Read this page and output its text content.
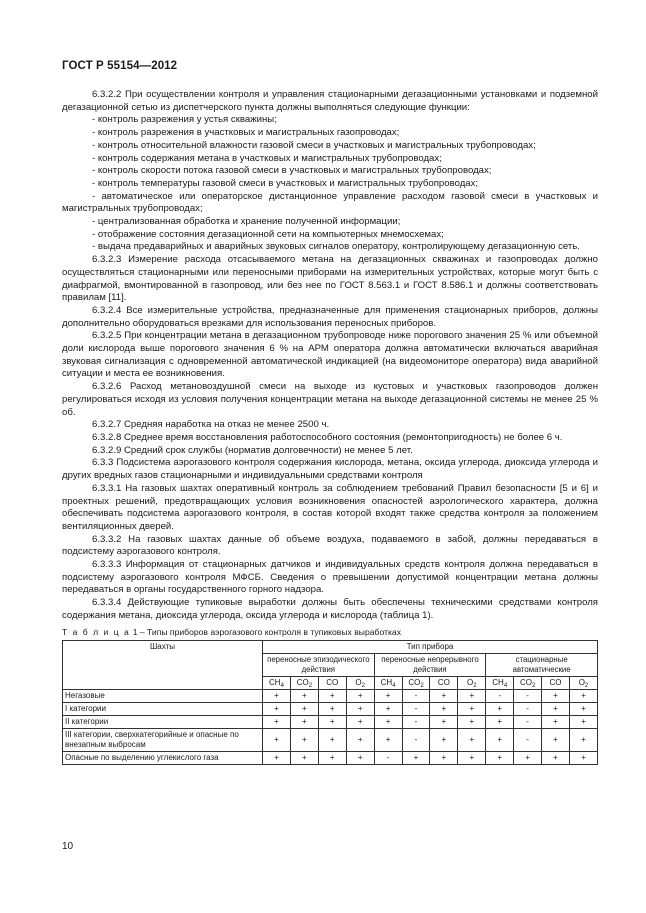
ГОСТ Р 55154—2012

6.3.2.2 При осуществлении контроля и управления стационарными дегазационными установками и подземной дегазационной сетью из диспетчерского пункта должны выполняться следующие функции:

- контроль разрежения у устья скважины;

- контроль разрежения в участковых и магистральных газопроводах;

- контроль относительной влажности газовой смеси в участковых и магистральных трубопроводах;

- контроль содержания метана в участковых и магистральных трубопроводах;

- контроль скорости потока газовой смеси в участковых и магистральных трубопроводах;

- контроль температуры газовой смеси в участковых и магистральных трубопроводах;

- автоматическое или операторское дистанционное управление расходом газовой смеси в участковых и магистральных трубопроводах;

- централизованная обработка и хранение полученной информации;

- отображение состояния дегазационной сети на компьютерных мнемосхемах;

- выдача предаварийных и аварийных звуковых сигналов оператору, контролирующему дегазационную сеть.

6.3.2.3 Измерение расхода отсасываемого метана на дегазационных скважинах и газопроводах должно осуществляться стационарными или переносными приборами на измерительных устройствах, которые могут быть с диафрагмой, вмонтированной в газопровод, или без нее по ГОСТ 8.563.1 и ГОСТ 8.586.1 и должны соответствовать правилам [11].

6.3.2.4 Все измерительные устройства, предназначенные для применения стационарных приборов, должны дополнительно оборудоваться врезками для использования переносных приборов.

6.3.2.5 При концентрации метана в дегазационном трубопроводе ниже порогового значения 25 % или объемной доли кислорода выше порогового значения 6 % на АРМ оператора должна автоматически включаться аварийная звуковая сигнализация с одновременной автоматической индикацией (на видеомониторе оператора) вида аварийной ситуации и места ее возникновения.

6.3.2.6 Расход метановоздушной смеси на выходе из кустовых и участковых газопроводов должен регулироваться исходя из условия получения концентрации метана на выходе дегазационной системы не менее 25 % об.

6.3.2.7 Средняя наработка на отказ не менее 2500 ч.

6.3.2.8 Среднее время восстановления работоспособного состояния (ремонтопригодность) не более 6 ч.

6.3.2.9 Средний срок службы (норматив долговечности) не менее 5 лет.

6.3.3 Подсистема аэрогазового контроля содержания кислорода, метана, оксида углерода, диоксида углерода и других вредных газов стационарными и индивидуальными средствами контроля

6.3.3.1 На газовых шахтах оперативный контроль за соблюдением требований Правил безопасности [5 и 6] и проектных решений, предотвращающих условия возникновения опасностей аэрологического характера, должна обеспечивать подсистема аэрогазового контроля, в состав которой входят также средства контроля за положением вентиляционных дверей.

6.3.3.2 На газовых шахтах данные об объеме воздуха, подаваемого в забой, должны передаваться в подсистему аэрогазового контроля.

6.3.3.3 Информация от стационарных датчиков и индивидуальных средств контроля должна передаваться в подсистему аэрогазового контроля МФСБ. Сведения о превышении допустимой концентрации метана должны передаваться в органы государственного горного надзора.

6.3.3.4 Действующие тупиковые выработки должны быть обеспечены техническими средствами контроля содержания метана, диоксида углерода, оксида углерода и кислорода (таблица 1).

Т а б л и ц а 1 – Типы приборов аэрогазового контроля в тупиковых выработках
Шахты	Тип прибора											
	переносные эпизодического действия				переносные непрерывного действия				стационарные автоматические			
	$CH_4$	$CO_2$	CO	$O_2$	$CH_4$	$CO_2$	CO	$O_2$	$CH_4$	$CO_2$	CO	$O_2$
Негазовые	+	+	+	+	+	-	+	+	-	-	+	+
I категории	+	+	+	+	+	-	+	+	+	-	+	+
II категории	+	+	+	+	+	-	+	+	+	-	+	+
III категории, сверхкатегорийные и опасные по внезапным выбросам	+	+	+	+	+	-	+	+	+	-	+	+
Опасные по выделению углекислого газа	+	+	+	+	-	+	+	+	+	+	+	+
10
